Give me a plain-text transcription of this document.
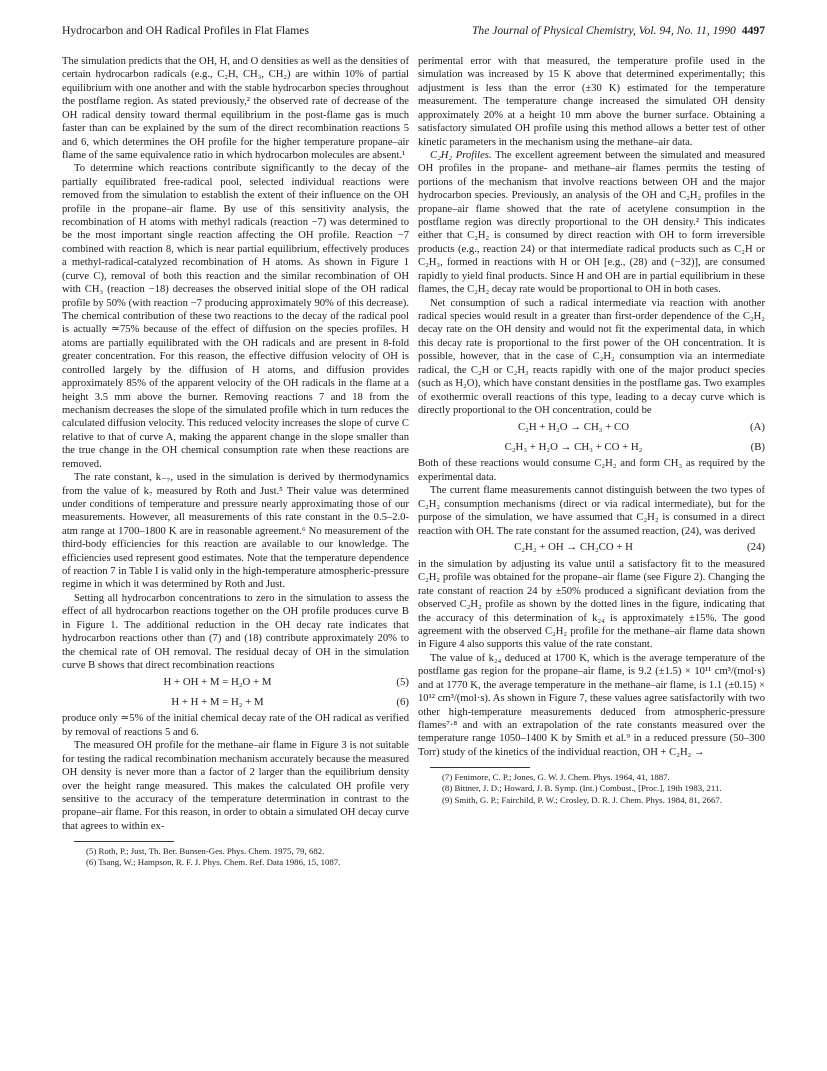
Hydrocarbon and OH Radical Profiles in Flat Flames	The Journal of Physical Chemistry, Vol. 94, No. 11, 1990 4497

The simulation predicts that the OH, H, and O densities as well as the densities of certain hydrocarbon radicals (e.g., C₂H, CH₃, CH₂) are within 10% of partial equilibrium with one another and with the stable hydrocarbon species throughout the postflame region. As stated previously,² the observed rate of decrease of the OH radical density toward thermal equilibrium in the post-flame gas is much faster than can be explained by the sum of the direct recombination reactions 5 and 6, which determines the OH profile for the higher temperature propane–air flame of the same equivalence ratio in which hydrocarbon molecules are absent.¹

To determine which reactions contribute significantly to the decay of the partially equilibrated free-radical pool, selected individual reactions were removed from the simulation to establish the extent of their influence on the OH profile in the propane–air flame. By use of this sensitivity analysis, the recombination of H atoms with methyl radicals (reaction −7) was determined to be the most important single reaction affecting the OH profile. Reaction −7 combined with reaction 8, which is near partial equilibrium, effectively produces a methyl-radical-catalyzed recombination of H atoms. As shown in Figure 1 (curve C), removal of both this reaction and the similar recombination of OH with CH₃ (reaction −18) decreases the observed initial slope of the OH radical profile by 50% (with reaction −7 producing approximately 90% of this decrease). The chemical contribution of these two reactions to the decay of the radical pool is actually ≃75% because of the effect of diffusion on the species profiles. H atoms are partially equilibrated with the OH radicals and are present in 8-fold greater concentration. For this reason, the effective diffusion velocity of OH is controlled largely by the diffusion of H atoms, and diffusion provides approximately 85% of the apparent velocity of the OH radicals in the flame at a height 3.5 mm above the burner. Removing reactions 7 and 18 from the mechanism decreases the slope of the simulated profile which in turn reduces the calculated diffusion velocity. This reduced velocity increases the slope of curve C relative to that of curve A, making the apparent change in the slope smaller than the true change in the OH chemical consumption rate when these reactions are removed.

The rate constant, k₋₇, used in the simulation is derived by thermodynamics from the value of k₇ measured by Roth and Just.⁵ Their value was determined under conditions of temperature and pressure nearly approximating those of our measurements. However, all measurements of this rate constant in the 0.5–2.0-atm range at 1700–1800 K are in reasonable agreement.⁶ No measurement of the third-body efficiencies for this reaction are available to our knowledge. The efficiencies used represent good estimates. Note that the temperature dependence of reaction 7 in Table I is valid only in the high-temperature atmospheric-pressure regime in which it was determined by Roth and Just.

Setting all hydrocarbon concentrations to zero in the simulation to assess the effect of all hydrocarbon reactions together on the OH profile produces curve B in Figure 1. The additional reduction in the OH decay rate indicates that hydrocarbon reactions other than (7) and (18) contribute approximately 20% to the chemical rate of OH removal. The residual decay of OH in the simulation curve B shows that direct recombination reactions

H + OH + M = H₂O + M	(5)
H + H + M = H₂ + M	(6)

produce only ≃5% of the initial chemical decay rate of the OH radical as verified by removal of reactions 5 and 6.

The measured OH profile for the methane–air flame in Figure 3 is not suitable for testing the radical recombination mechanism accurately because the measured OH density is never more than a factor of 2 larger than the equilibrium density over the height range measured. This makes the calculated OH profile very sensitive to the accuracy of the temperature determination in contrast to the propane–air flame. For this reason, in order to obtain a simulated OH decay curve that agrees to within ex-

(5) Roth, P.; Just, Th. Ber. Bunsen-Ges. Phys. Chem. 1975, 79, 682.

(6) Tsang, W.; Hampson, R. F. J. Phys. Chem. Ref. Data 1986, 15, 1087.

perimental error with that measured, the temperature profile used in the simulation was increased by 15 K above that determined experimentally; this adjustment is less than the error (±30 K) estimated for the temperature measurement. The temperature change increased the simulated OH density approximately 20% at a height 10 mm above the burner surface. Obtaining a satisfactory simulated OH profile using this method allows a better test of other kinetic parameters in the mechanism using the methane–air data.

C₂H₂ Profiles. The excellent agreement between the simulated and measured OH profiles in the propane- and methane–air flames permits the testing of portions of the mechanism that involve reactions between OH and the major hydrocarbon species. Previously, an analysis of the OH and C₂H₂ profiles in the propane–air flame showed that the rate of acetylene consumption in the postflame region was directly proportional to the OH density.² This indicates either that C₂H₂ is consumed by direct reaction with OH to form irreversible products (e.g., reaction 24) or that intermediate radical products such as C₂H or C₂H₃, formed in reactions with H or OH [e.g., (28) and (−32)], are consumed rapidly to yield final products. Since H and OH are in partial equilibrium in these flames, the C₂H₂ decay rate would be proportional to OH in both cases.

Net consumption of such a radical intermediate via reaction with another radical species would result in a greater than first-order dependence of the C₂H₂ decay rate on the OH density and would not fit the experimental data, in which this decay rate is proportional to the first power of the OH concentration. It is possible, however, that in the case of C₂H₂ consumption via an intermediate radical, the C₂H or C₂H₃ reacts rapidly with one of the major product species (such as H₂O), which have constant densities in the postflame gas. Two examples of exothermic overall reactions of this type, leading to a decay curve which is directly proportional to the OH concentration, could be

C₂H + H₂O → CH₃ + CO	(A)
C₂H₃ + H₂O → CH₃ + CO + H₂	(B)

Both of these reactions would consume C₂H₂ and form CH₃ as required by the experimental data.

The current flame measurements cannot distinguish between the two types of C₂H₂ consumption mechanisms (direct or via radical intermediate), but for the purpose of the simulation, we have assumed that C₂H₂ is consumed in a direct reaction with OH. The rate constant for the assumed reaction, (24), was derived

C₂H₂ + OH → CH₂CO + H	(24)

in the simulation by adjusting its value until a satisfactory fit to the measured C₂H₂ profile was obtained for the propane–air flame (see Figure 2). Changing the rate constant of reaction 24 by ±50% produced a significant deviation from the observed C₂H₂ profile as shown by the dotted lines in the figure, indicating that the accuracy of this determination of k₂₄ is approximately ±15%. The good agreement with the observed C₂H₂ profile for the methane–air flame data shown in Figure 4 also supports this value of the rate constant.

The value of k₂₄ deduced at 1700 K, which is the average temperature of the postflame gas region for the propane–air flame, is 9.2 (±1.5) × 10¹¹ cm³/(mol·s) and at 1770 K, the average temperature in the methane–air flame, is 1.1 (±0.15) × 10¹² cm³/(mol·s). As shown in Figure 7, these values agree satisfactorily with two other high-temperature measurements deduced from atmospheric-pressure flames⁷·⁸ and with an extrapolation of the rate constants measured over the temperature range 1050–1400 K by Smith et al.⁹ in a reduced pressure (50–300 Torr) study of the kinetics of the individual reaction, OH + C₂H₂ →

(7) Fenimore, C. P.; Jones, G. W. J. Chem. Phys. 1964, 41, 1887.

(8) Bittner, J. D.; Howard, J. B. Symp. (Int.) Combust., [Proc.], 19th 1983, 211.

(9) Smith, G. P.; Fairchild, P. W.; Crosley, D. R. J. Chem. Phys. 1984, 81, 2667.
